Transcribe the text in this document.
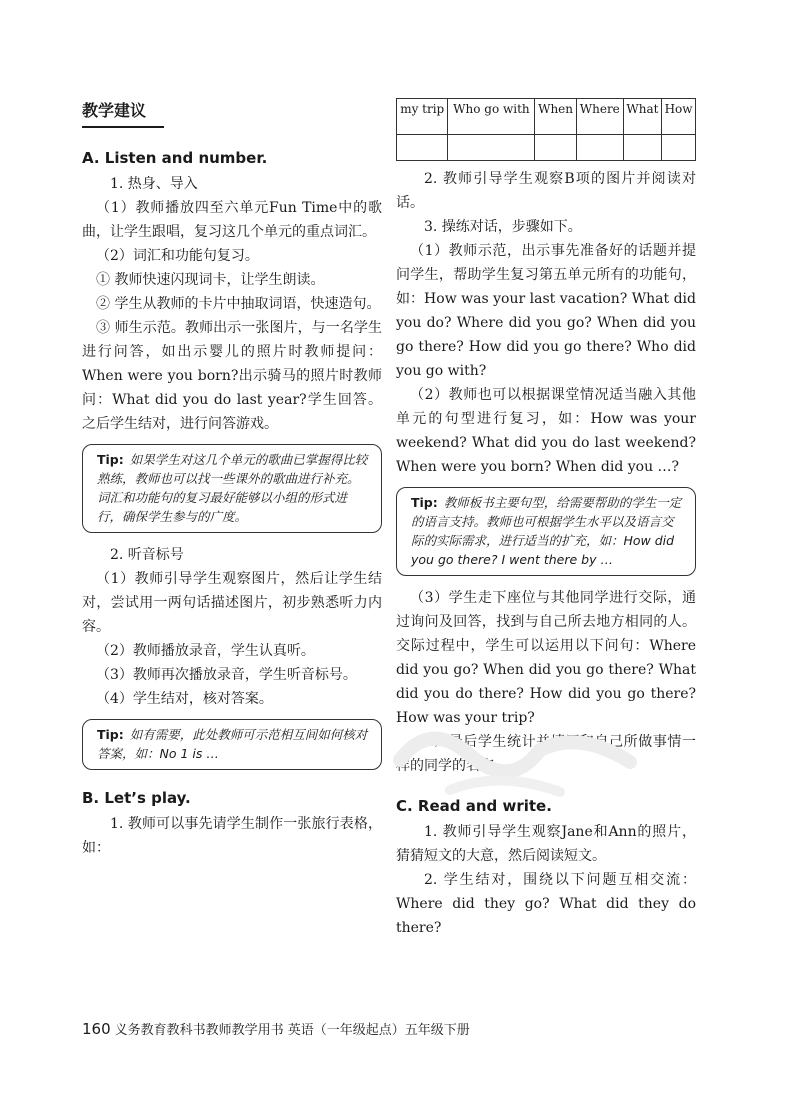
教学建议
A. Listen and number.

1. 热身、导入

（1）教师播放四至六单元Fun Time中的歌曲，让学生跟唱，复习这几个单元的重点词汇。

（2）词汇和功能句复习。

① 教师快速闪现词卡，让学生朗读。

② 学生从教师的卡片中抽取词语，快速造句。

③ 师生示范。教师出示一张图片，与一名学生进行问答，如出示婴儿的照片时教师提问：When were you born?出示骑马的照片时教师问：What did you do last year?学生回答。之后学生结对，进行问答游戏。

Tip: 如果学生对这几个单元的歌曲已掌握得比较熟练，教师也可以找一些课外的歌曲进行补充。词汇和功能句的复习最好能够以小组的形式进行，确保学生参与的广度。

2. 听音标号

（1）教师引导学生观察图片，然后让学生结对，尝试用一两句话描述图片，初步熟悉听力内容。

（2）教师播放录音，学生认真听。

（3）教师再次播放录音，学生听音标号。

（4）学生结对，核对答案。

Tip: 如有需要，此处教师可示范相互间如何核对答案，如：No 1 is …
B. Let’s play.

1. 教师可以事先请学生制作一张旅行表格，如：

my trip	Who go with	When	Where	What	How

2. 教师引导学生观察B项的图片并阅读对话。

3. 操练对话，步骤如下。

（1）教师示范，出示事先准备好的话题并提问学生，帮助学生复习第五单元所有的功能句，如：How was your last vacation? What did you do? Where did you go? When did you go there? How did you go there? Who did you go with?

（2）教师也可以根据课堂情况适当融入其他单元的句型进行复习，如：How was your weekend? What did you do last weekend? When were you born? When did you …?

Tip: 教师板书主要句型，给需要帮助的学生一定的语言支持。教师也可根据学生水平以及语言交际的实际需求，进行适当的扩充，如：How did you go there? I went there by …

（3）学生走下座位与其他同学进行交际，通过询问及回答，找到与自己所去地方相同的人。交际过程中，学生可以运用以下问句：Where did you go? When did you go there? What did you do there? How did you go there? How was your trip?

（4）最后学生统计并填写和自己所做事情一样的同学的名字。

C. Read and write.

1. 教师引导学生观察Jane和Ann的照片，猜猜短文的大意，然后阅读短文。

2. 学生结对，围绕以下问题互相交流：Where did they go? What did they do there?

160 义务教育教科书教师教学用书 英语（一年级起点）五年级下册
